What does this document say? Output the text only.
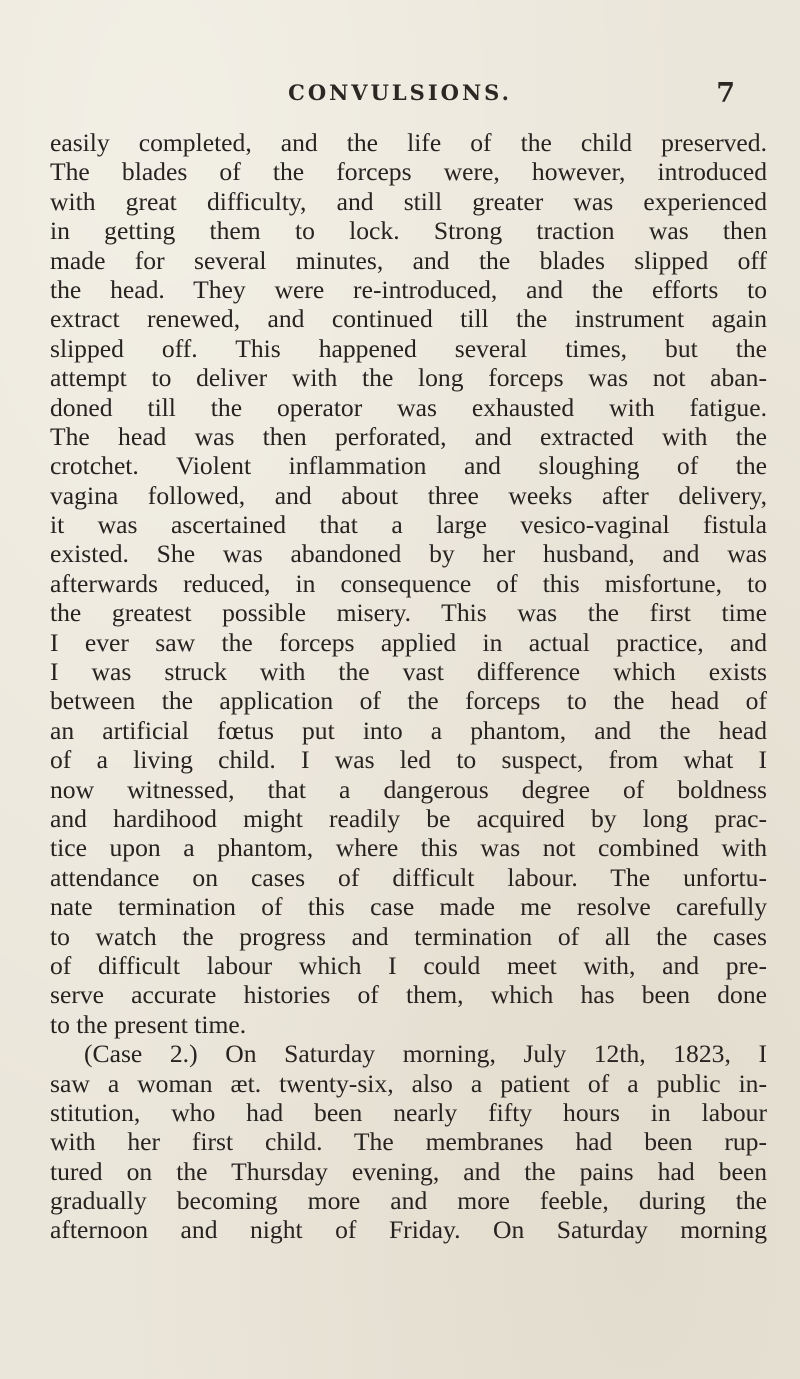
CONVULSIONS.	7
easily completed, and the life of the child preserved.
The blades of the forceps were, however, introduced
with great difficulty, and still greater was experienced
in getting them to lock. Strong traction was then
made for several minutes, and the blades slipped off
the head. They were re-introduced, and the efforts to
extract renewed, and continued till the instrument again
slipped off. This happened several times, but the
attempt to deliver with the long forceps was not aban-
doned till the operator was exhausted with fatigue.
The head was then perforated, and extracted with the
crotchet. Violent inflammation and sloughing of the
vagina followed, and about three weeks after delivery,
it was ascertained that a large vesico-vaginal fistula
existed. She was abandoned by her husband, and was
afterwards reduced, in consequence of this misfortune, to
the greatest possible misery. This was the first time
I ever saw the forceps applied in actual practice, and
I was struck with the vast difference which exists
between the application of the forceps to the head of
an artificial fœtus put into a phantom, and the head
of a living child. I was led to suspect, from what I
now witnessed, that a dangerous degree of boldness
and hardihood might readily be acquired by long prac-
tice upon a phantom, where this was not combined with
attendance on cases of difficult labour. The unfortu-
nate termination of this case made me resolve carefully
to watch the progress and termination of all the cases
of difficult labour which I could meet with, and pre-
serve accurate histories of them, which has been done
to the present time.
(Case 2.) On Saturday morning, July 12th, 1823, I
saw a woman æt. twenty-six, also a patient of a public in-
stitution, who had been nearly fifty hours in labour
with her first child. The membranes had been rup-
tured on the Thursday evening, and the pains had been
gradually becoming more and more feeble, during the
afternoon and night of Friday. On Saturday morning
